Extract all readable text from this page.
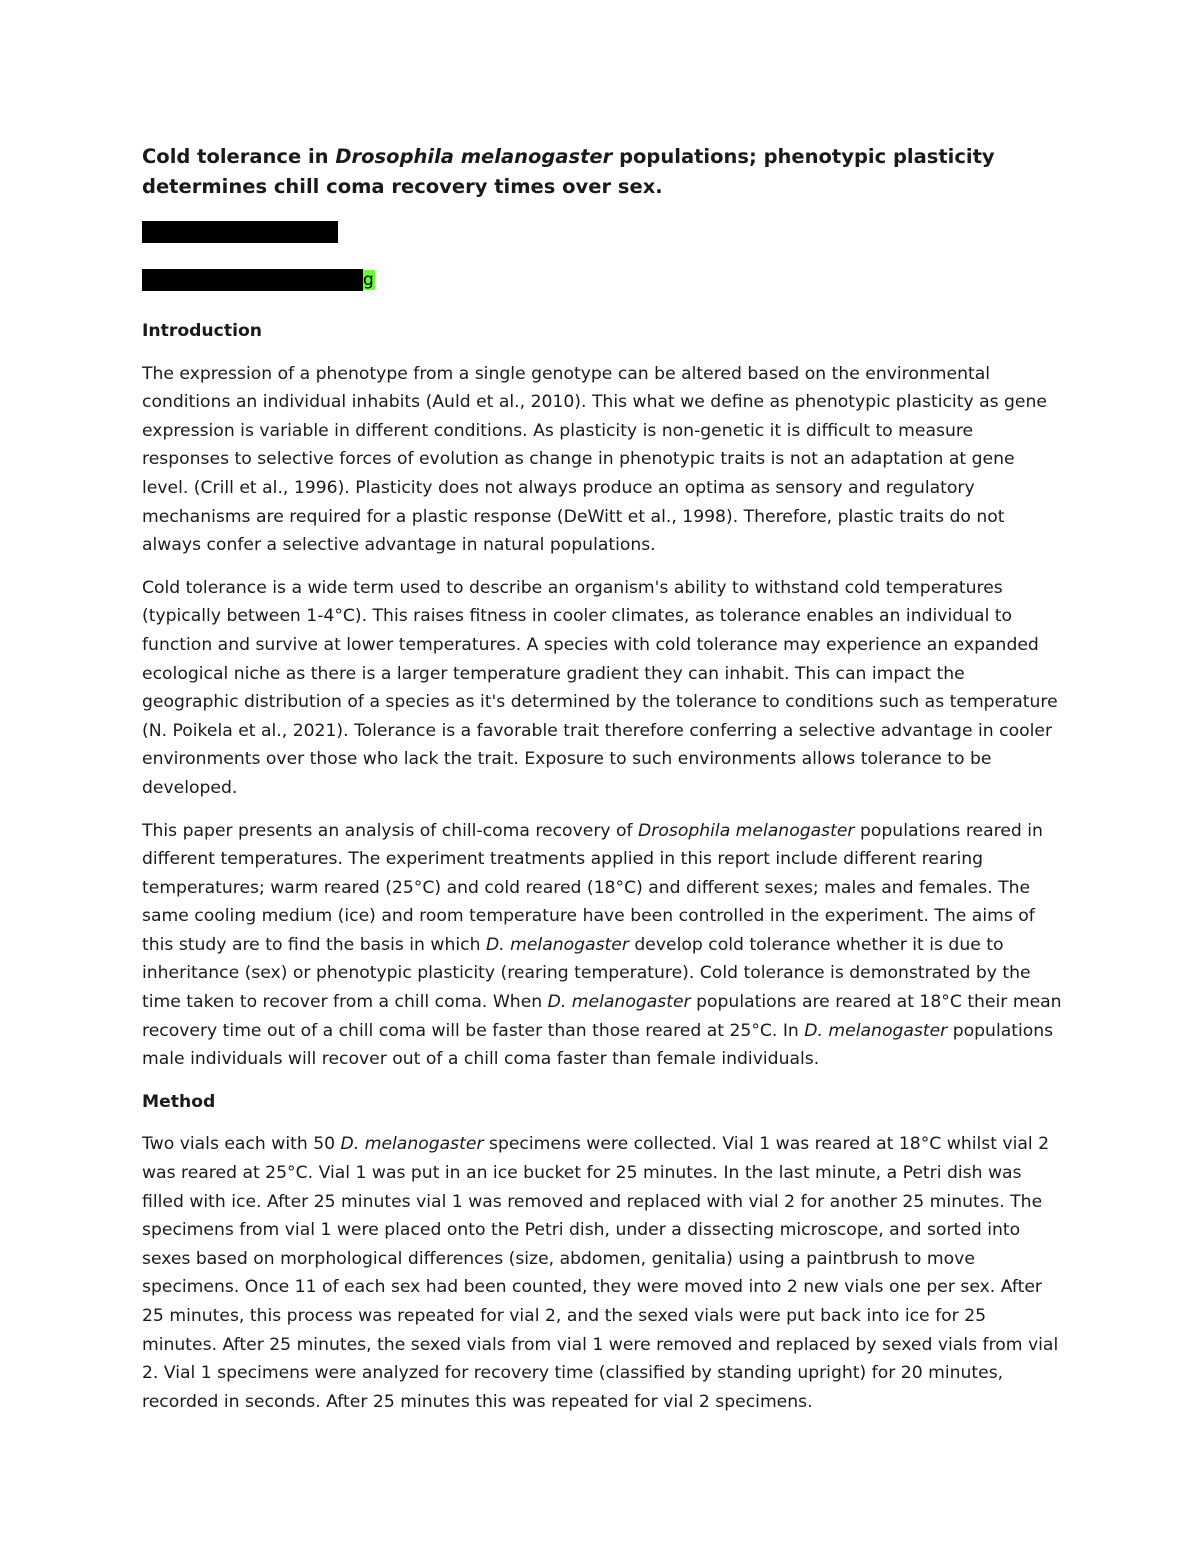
Cold tolerance in Drosophila melanogaster populations; phenotypic plasticity determines chill coma recovery times over sex.
g
Introduction

The expression of a phenotype from a single genotype can be altered based on the environmental conditions an individual inhabits (Auld et al., 2010). This what we define as phenotypic plasticity as gene expression is variable in different conditions. As plasticity is non-genetic it is difficult to measure responses to selective forces of evolution as change in phenotypic traits is not an adaptation at gene level. (Crill et al., 1996). Plasticity does not always produce an optima as sensory and regulatory mechanisms are required for a plastic response (DeWitt et al., 1998). Therefore, plastic traits do not always confer a selective advantage in natural populations.

Cold tolerance is a wide term used to describe an organism's ability to withstand cold temperatures (typically between 1-4°C). This raises fitness in cooler climates, as tolerance enables an individual to function and survive at lower temperatures. A species with cold tolerance may experience an expanded ecological niche as there is a larger temperature gradient they can inhabit. This can impact the geographic distribution of a species as it's determined by the tolerance to conditions such as temperature (N. Poikela et al., 2021). Tolerance is a favorable trait therefore conferring a selective advantage in cooler environments over those who lack the trait. Exposure to such environments allows tolerance to be developed.

This paper presents an analysis of chill-coma recovery of Drosophila melanogaster populations reared in different temperatures. The experiment treatments applied in this report include different rearing temperatures; warm reared (25°C) and cold reared (18°C) and different sexes; males and females. The same cooling medium (ice) and room temperature have been controlled in the experiment. The aims of this study are to find the basis in which D. melanogaster develop cold tolerance whether it is due to inheritance (sex) or phenotypic plasticity (rearing temperature). Cold tolerance is demonstrated by the time taken to recover from a chill coma. When D. melanogaster populations are reared at 18°C their mean recovery time out of a chill coma will be faster than those reared at 25°C. In D. melanogaster populations male individuals will recover out of a chill coma faster than female individuals.

Method

Two vials each with 50 D. melanogaster specimens were collected. Vial 1 was reared at 18°C whilst vial 2 was reared at 25°C. Vial 1 was put in an ice bucket for 25 minutes. In the last minute, a Petri dish was filled with ice. After 25 minutes vial 1 was removed and replaced with vial 2 for another 25 minutes. The specimens from vial 1 were placed onto the Petri dish, under a dissecting microscope, and sorted into sexes based on morphological differences (size, abdomen, genitalia) using a paintbrush to move specimens. Once 11 of each sex had been counted, they were moved into 2 new vials one per sex. After 25 minutes, this process was repeated for vial 2, and the sexed vials were put back into ice for 25 minutes. After 25 minutes, the sexed vials from vial 1 were removed and replaced by sexed vials from vial 2. Vial 1 specimens were analyzed for recovery time (classified by standing upright) for 20 minutes, recorded in seconds. After 25 minutes this was repeated for vial 2 specimens.
